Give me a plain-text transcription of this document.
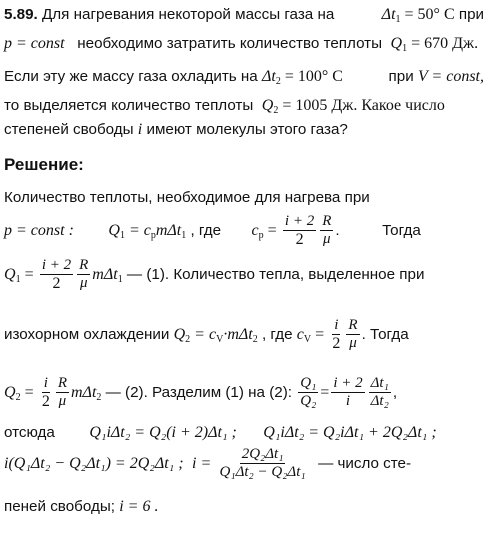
5.89. Для нагревания некоторой массы газа на	$\Delta t_1 = 50^\circ$ C при
p = const необходимо затратить количество теплоты $Q_1 = 670$ Дж.
Если эту же массу газа охладить на $\Delta t_2 = 100^\circ$ C	при V = const,
то выделяется количество теплоты $Q_2 = 1005$ Дж. Какое число
степеней свободы i имеют молекулы этого газа?
Решение:
Количество теплоты, необходимое для нагрева при
p = const : $Q_1 = c_pm\Delta t_1$ , где $c_p = \frac{i + 2}{2} \frac{R}{\mu}$ .	Тогда
$Q_1 = \frac{i + 2}{2} \frac{R}{\mu} m\Delta t_1$ — (1). Количество тепла, выделенное при
изохорном охлаждении $Q_2 = c_V\cdot m\Delta t_2$ , где $c_V = \frac{i}{2} \frac{R}{\mu}$ . Тогда
$Q_2 = \frac{i}{2} \frac{R}{\mu} m\Delta t_2$ — (2). Разделим (1) на (2): $\frac{\text{Q₁}}{\text{Q₂}} = \frac{i + 2}{i} \frac{\text{Δt₁}}{\text{Δt₂}}$ ,
отсюда Q₁iΔt₂ = Q₂(i + 2)Δt₁ ; Q₁iΔt₂ = Q₂iΔt₁ + 2Q₂Δt₁ ;
i(Q₁Δt₂ − Q₂Δt₁) = 2Q₂Δt₁ ; $i = \frac{\text{2Q₂Δt₁}}{\text{Q₁Δt₂ − Q₂Δt₁}}$ — число сте-
пеней свободы; i = 6 .
